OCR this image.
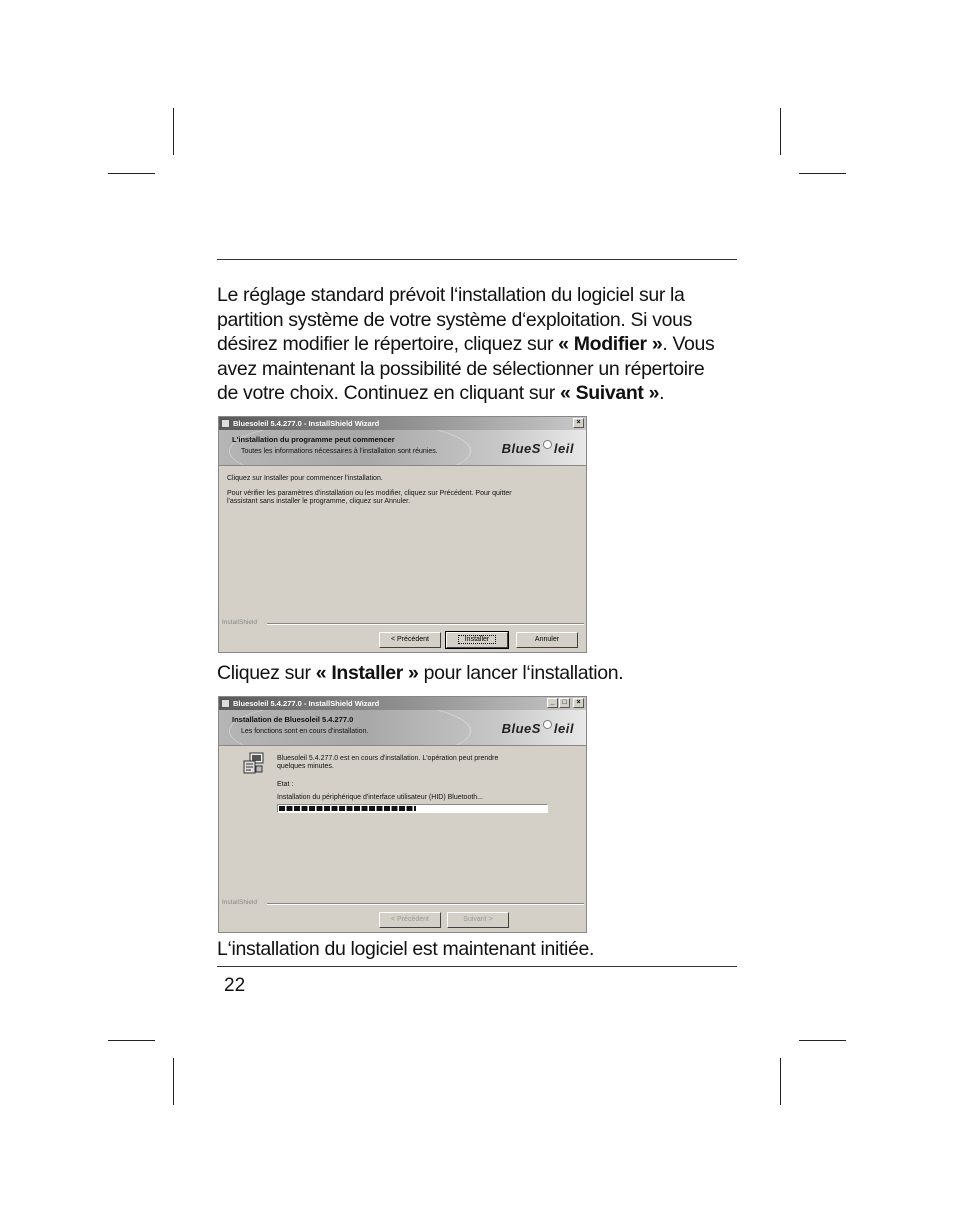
Le réglage standard prévoit l‘installation du logiciel sur la
partition système de votre système d‘exploitation. Si vous
désirez modifier le répertoire, cliquez sur « Modifier ». Vous
avez maintenant la possibilité de sélectionner un répertoire
de votre choix. Continuez en cliquant sur « Suivant ».

Bluesoleil 5.4.277.0 - InstallShield Wizard	×
L'installation du programme peut commencer
Toutes les informations nécessaires à l'installation sont réunies.	BlueS leil

Cliquez sur Installer pour commencer l'installation.

Pour vérifier les paramètres d'installation ou les modifier, cliquez sur Précédent. Pour quitter

l'assistant sans installer le programme, cliquez sur Annuler.

InstallShield
< Précédent	Installer	Annuler

Cliquez sur « Installer » pour lancer l‘installation.

Bluesoleil 5.4.277.0 - InstallShield Wizard	_	□	×
Installation de Bluesoleil 5.4.277.0
Les fonctions sont en cours d'installation.	BlueS leil

Bluesoleil 5.4.277.0 est en cours d'installation. L'opération peut prendre

quelques minutes.

Etat :

Installation du périphérique d'interface utilisateur (HID) Bluetooth...

InstallShield
< Précédent	Suivant >

L‘installation du logiciel est maintenant initiée.

22
